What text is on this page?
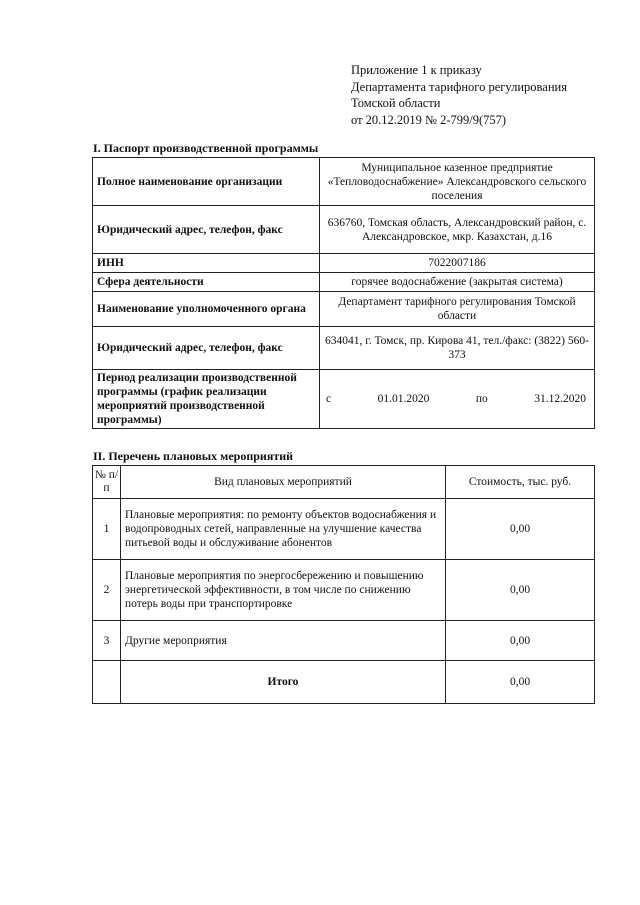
Приложение 1 к приказу
Департамента тарифного регулирования
Томской области
от 20.12.2019 № 2-799/9(757)
I. Паспорт производственной программы
Полное наименование организации	Муниципальное казенное предприятие «Тепловодоснабжение» Александровского сельского поселения
Юридический адрес, телефон, факс	636760, Томская область, Александровский район, с. Александровское, мкр. Казахстан, д.16
ИНН	7022007186
Сфера деятельности	горячее водоснабжение (закрытая система)
Наименование уполномоченного органа	Департамент тарифного регулирования Томской области
Юридический адрес, телефон, факс	634041, г. Томск, пр. Кирова 41, тел./факс: (3822) 560-373
Период реализации производственной программы (график реализации мероприятий производственной программы)	с 01.01.2020 по 31.12.2020
II. Перечень плановых мероприятий
№ п/п	Вид плановых мероприятий	Стоимость, тыс. руб.
1	Плановые мероприятия: по ремонту объектов водоснабжения и водопроводных сетей, направленные на улучшение качества питьевой воды и обслуживание абонентов	0,00
2	Плановые мероприятия по энергосбережению и повышению энергетической эффективности, в том числе по снижению потерь воды при транспортировке	0,00
3	Другие мероприятия	0,00
	Итого	0,00
